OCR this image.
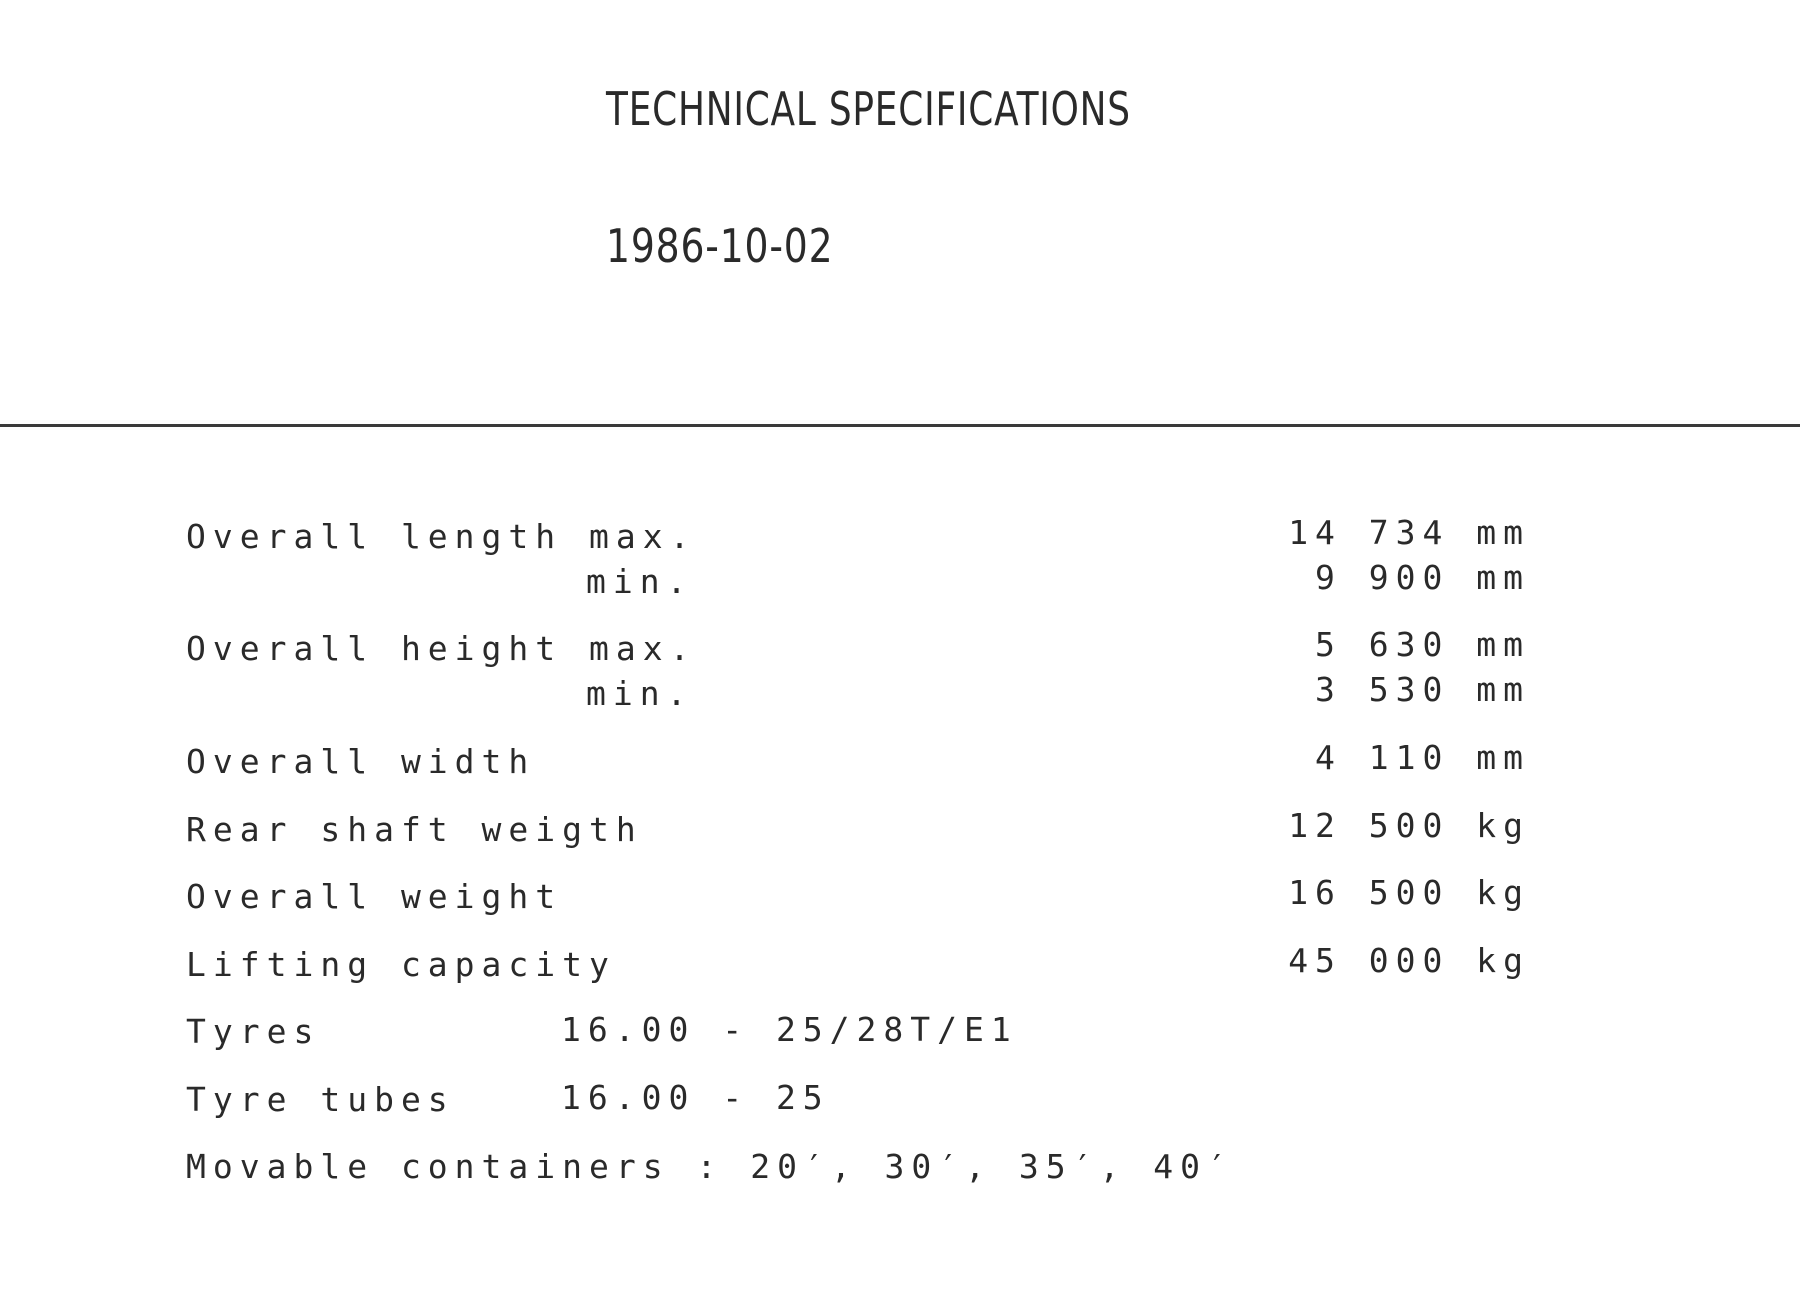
TECHNICAL SPECIFICATIONS
1986-10-02
Overall length max.	14 734 mm
min.	9 900 mm
Overall height max.	5 630 mm
min.	3 530 mm
Overall width	4 110 mm
Rear shaft weigth	12 500 kg
Overall weight	16 500 kg
Lifting capacity	45 000 kg
Tyres	16.00 - 25/28T/E1
Tyre tubes	16.00 - 25
Movable containers : 20′, 30′, 35′, 40′
